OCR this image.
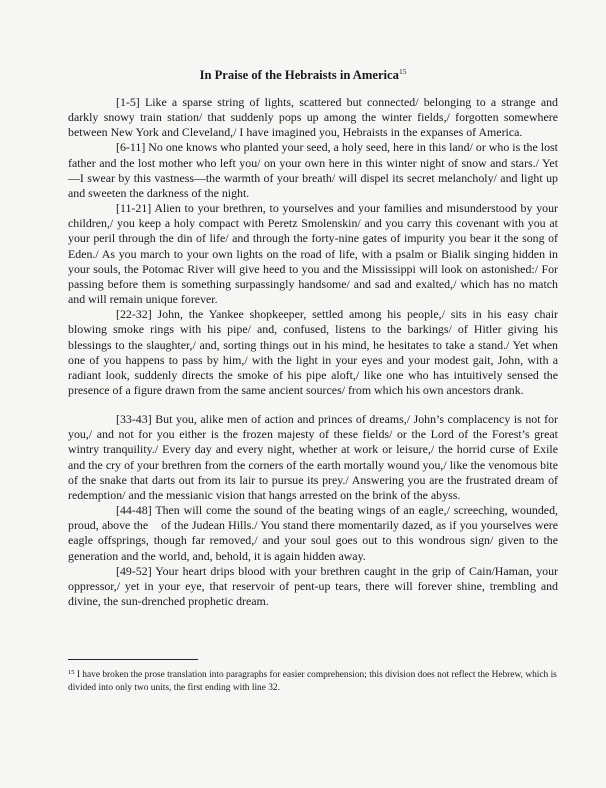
In Praise of the Hebraists in America$^{15}$

[1-5] Like a sparse string of lights, scattered but connected/ belonging to a strange and darkly snowy train station/ that suddenly pops up among the winter fields,/ forgotten somewhere between New York and Cleveland,/ I have imagined you, Hebraists in the expanses of America.

[6-11] No one knows who planted your seed, a holy seed, here in this land/ or who is the lost father and the lost mother who left you/ on your own here in this winter night of snow and stars./ Yet—I swear by this vastness—the warmth of your breath/ will dispel its secret melancholy/ and light up and sweeten the darkness of the night.

[11-21] Alien to your brethren, to yourselves and your families and misunderstood by your children,/ you keep a holy compact with Peretz Smolenskin/ and you carry this covenant with you at your peril through the din of life/ and through the forty-nine gates of impurity you bear it the song of Eden./ As you march to your own lights on the road of life, with a psalm or Bialik singing hidden in your souls, the Potomac River will give heed to you and the Mississippi will look on astonished:/ For passing before them is something surpassingly handsome/ and sad and exalted,/ which has no match and will remain unique forever.

[22-32] John, the Yankee shopkeeper, settled among his people,/ sits in his easy chair blowing smoke rings with his pipe/ and, confused, listens to the barkings/ of Hitler giving his blessings to the slaughter,/ and, sorting things out in his mind, he hesitates to take a stand./ Yet when one of you happens to pass by him,/ with the light in your eyes and your modest gait, John, with a radiant look, suddenly directs the smoke of his pipe aloft,/ like one who has intuitively sensed the presence of a figure drawn from the same ancient sources/ from which his own ancestors drank.

[33-43] But you, alike men of action and princes of dreams,/ John’s complacency is not for you,/ and not for you either is the frozen majesty of these fields/ or the Lord of the Forest’s great wintry tranquility./ Every day and every night, whether at work or leisure,/ the horrid curse of Exile and the cry of your brethren from the corners of the earth mortally wound you,/ like the venomous bite of the snake that darts out from its lair to pursue its prey./ Answering you are the frustrated dream of redemption/ and the messianic vision that hangs arrested on the brink of the abyss.

[44-48] Then will come the sound of the beating wings of an eagle,/ screeching, wounded, proud, above the    of the Judean Hills./ You stand there momentarily dazed, as if you yourselves were eagle offsprings, though far removed,/ and your soul goes out to this wondrous sign/ given to the generation and the world, and, behold, it is again hidden away.

[49-52] Your heart drips blood with your brethren caught in the grip of Cain/Haman, your oppressor,/ yet in your eye, that reservoir of pent-up tears, there will forever shine, trembling and divine, the sun-drenched prophetic dream.

$^{15}$ I have broken the prose translation into paragraphs for easier comprehension; this division does not reflect the Hebrew, which is divided into only two units, the first ending with line 32.
